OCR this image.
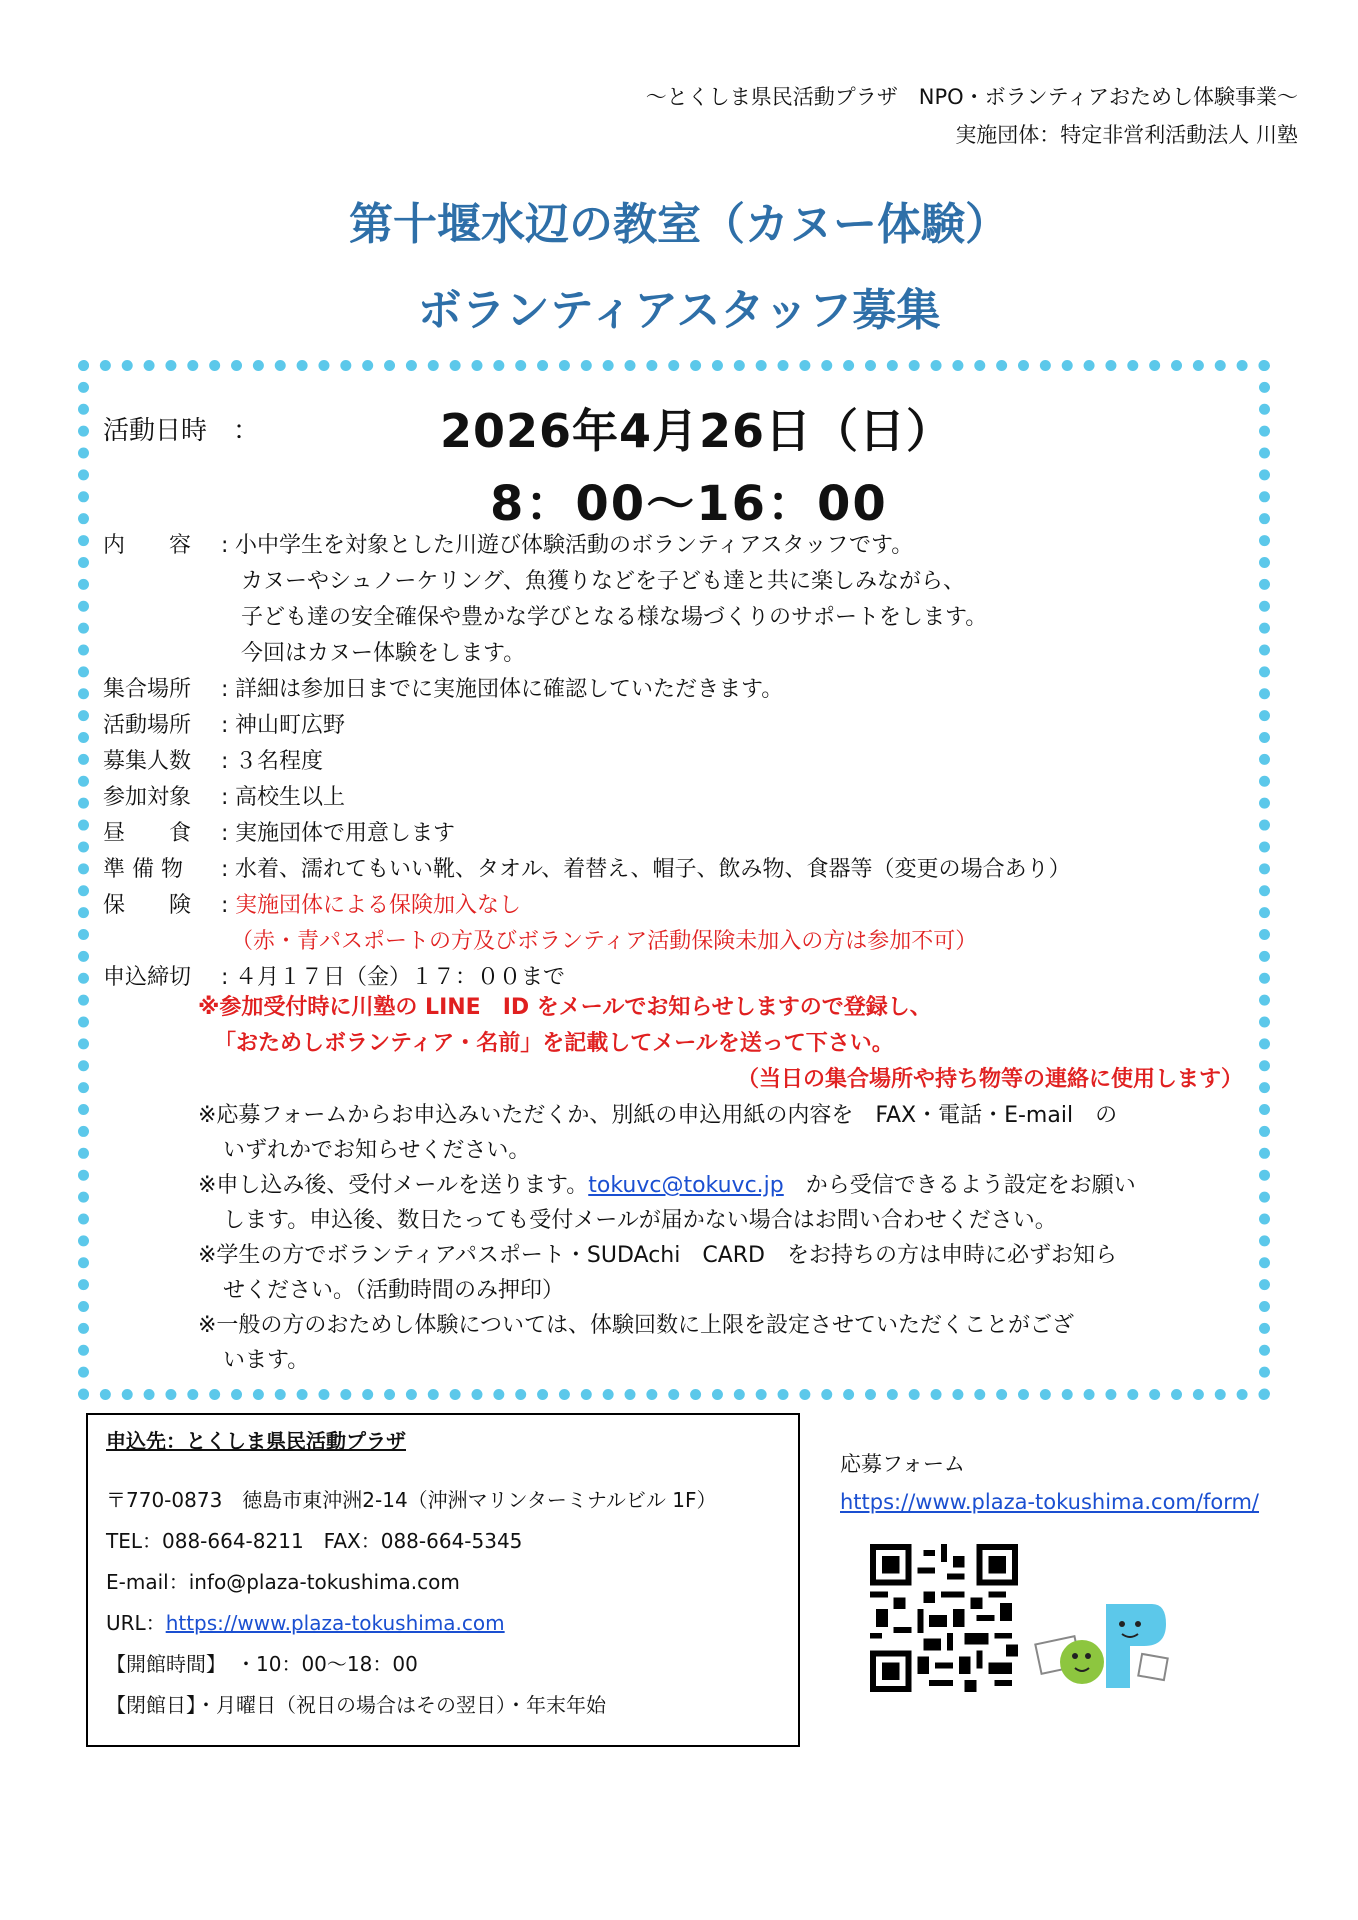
～とくしま県民活動プラザ　NPO・ボランティアおためし体験事業～
実施団体：特定非営利活動法人 川塾
第十堰水辺の教室（カヌー体験）
ボランティアスタッフ募集
活動日時　：	2026年4月26日（日）
8：00～16：00
内　　容	: 小中学生を対象とした川遊び体験活動のボランティアスタッフです。
カヌーやシュノーケリング、魚獲りなどを子ども達と共に楽しみながら、
子ども達の安全確保や豊かな学びとなる様な場づくりのサポートをします。
今回はカヌー体験をします。
集合場所	: 詳細は参加日までに実施団体に確認していただきます。
活動場所	: 神山町広野
募集人数	: ３名程度
参加対象	: 高校生以上
昼　　食	: 実施団体で用意します
準 備 物	: 水着、濡れてもいい靴、タオル、着替え、帽子、飲み物、食器等（変更の場合あり）
保　　険	: 実施団体による保険加入なし
（赤・青パスポートの方及びボランティア活動保険未加入の方は参加不可）
申込締切	: ４月１７日（金）１７：００まで
※参加受付時に川塾の LINE　ID をメールでお知らせしますので登録し、
「おためしボランティア・名前」を記載してメールを送って下さい。
（当日の集合場所や持ち物等の連絡に使用します）

※応募フォームからお申込みいただくか、別紙の申込用紙の内容を　FAX・電話・E-mail　の

いずれかでお知らせください。

※申し込み後、受付メールを送ります。tokuvc@tokuvc.jp　から受信できるよう設定をお願い

します。申込後、数日たっても受付メールが届かない場合はお問い合わせください。

※学生の方でボランティアパスポート・SUDAchi　CARD　をお持ちの方は申時に必ずお知ら

せください。（活動時間のみ押印）

※一般の方のおためし体験については、体験回数に上限を設定させていただくことがござ

います。

申込先：とくしま県民活動プラザ

〒770-0873　徳島市東沖洲2-14（沖洲マリンターミナルビル 1F）

TEL：088-664-8211　FAX：088-664-5345

E-mail：info@plaza-tokushima.com

URL：https://www.plaza-tokushima.com

【開館時間】　・10：00～18：00

【閉館日】・月曜日（祝日の場合はその翌日）・年末年始

応募フォーム
https://www.plaza-tokushima.com/form/
